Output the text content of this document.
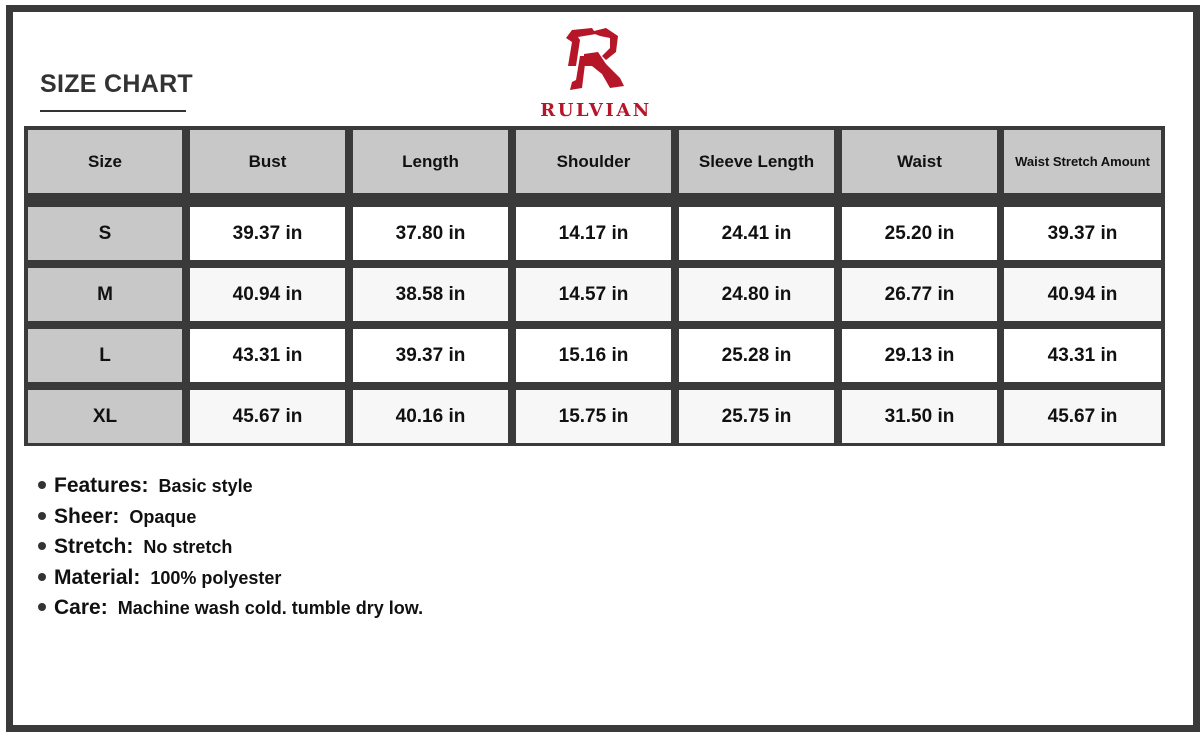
SIZE CHART
RULVIAN
Size	Bust	Length	Shoulder	Sleeve Length	Waist	Waist Stretch Amount
S	39.37 in	37.80 in	14.17 in	24.41 in	25.20 in	39.37 in
M	40.94 in	38.58 in	14.57 in	24.80 in	26.77 in	40.94 in
L	43.31 in	39.37 in	15.16 in	25.28 in	29.13 in	43.31 in
XL	45.67 in	40.16 in	15.75 in	25.75 in	31.50 in	45.67 in
Features: Basic style
Sheer: Opaque
Stretch: No stretch
Material: 100% polyester
Care: Machine wash cold. tumble dry low.
